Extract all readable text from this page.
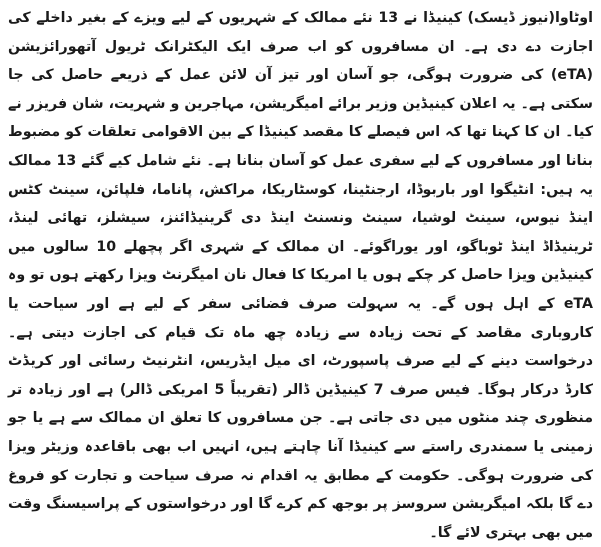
اوٹاوا(نیوز ڈیسک) کینیڈا نے 13 نئے ممالک کے شہریوں کے لیے ویزے کے بغیر داخلے کی اجازت دے دی ہے۔ ان مسافروں کو اب صرف ایک الیکٹرانک ٹریول آتھورائزیشن (eTA) کی ضرورت ہوگی، جو آسان اور تیز آن لائن عمل کے ذریعے حاصل کی جا سکتی ہے۔ یہ اعلان کینیڈین وزیر برائے امیگریشن، مہاجرین و شہریت، شان فریزر نے کیا۔ ان کا کہنا تھا کہ اس فیصلے کا مقصد کینیڈا کے بین الاقوامی تعلقات کو مضبوط بنانا اور مسافروں کے لیے سفری عمل کو آسان بنانا ہے۔ نئے شامل کیے گئے 13 ممالک یہ ہیں: انٹیگوا اور باربوڈا، ارجنٹینا، کوسٹاریکا، مراکش، پاناما، فلپائن، سینٹ کٹس اینڈ نیوس، سینٹ لوشیا، سینٹ ونسنٹ اینڈ دی گرینیڈائنز، سیشلز، تھائی لینڈ، ٹرینیڈاڈ اینڈ ٹوباگو، اور یوراگوئے۔ ان ممالک کے شہری اگر پچھلے 10 سالوں میں کینیڈین ویزا حاصل کر چکے ہوں یا امریکا کا فعال نان امیگرنٹ ویزا رکھتے ہوں تو وہ eTA کے اہل ہوں گے۔ یہ سہولت صرف فضائی سفر کے لیے ہے اور سیاحت یا کاروباری مقاصد کے تحت زیادہ سے زیادہ چھ ماہ تک قیام کی اجازت دیتی ہے۔ درخواست دینے کے لیے صرف پاسپورٹ، ای میل ایڈریس، انٹرنیٹ رسائی اور کریڈٹ کارڈ درکار ہوگا۔ فیس صرف 7 کینیڈین ڈالر (تقریباً 5 امریکی ڈالر) ہے اور زیادہ تر منظوری چند منٹوں میں دی جاتی ہے۔ جن مسافروں کا تعلق ان ممالک سے ہے یا جو زمینی یا سمندری راستے سے کینیڈا آنا چاہتے ہیں، انہیں اب بھی باقاعدہ وزیٹر ویزا کی ضرورت ہوگی۔ حکومت کے مطابق یہ اقدام نہ صرف سیاحت و تجارت کو فروغ دے گا بلکہ امیگریشن سروسز پر بوجھ کم کرے گا اور درخواستوں کے پراسیسنگ وقت میں بھی بہتری لائے گا۔
